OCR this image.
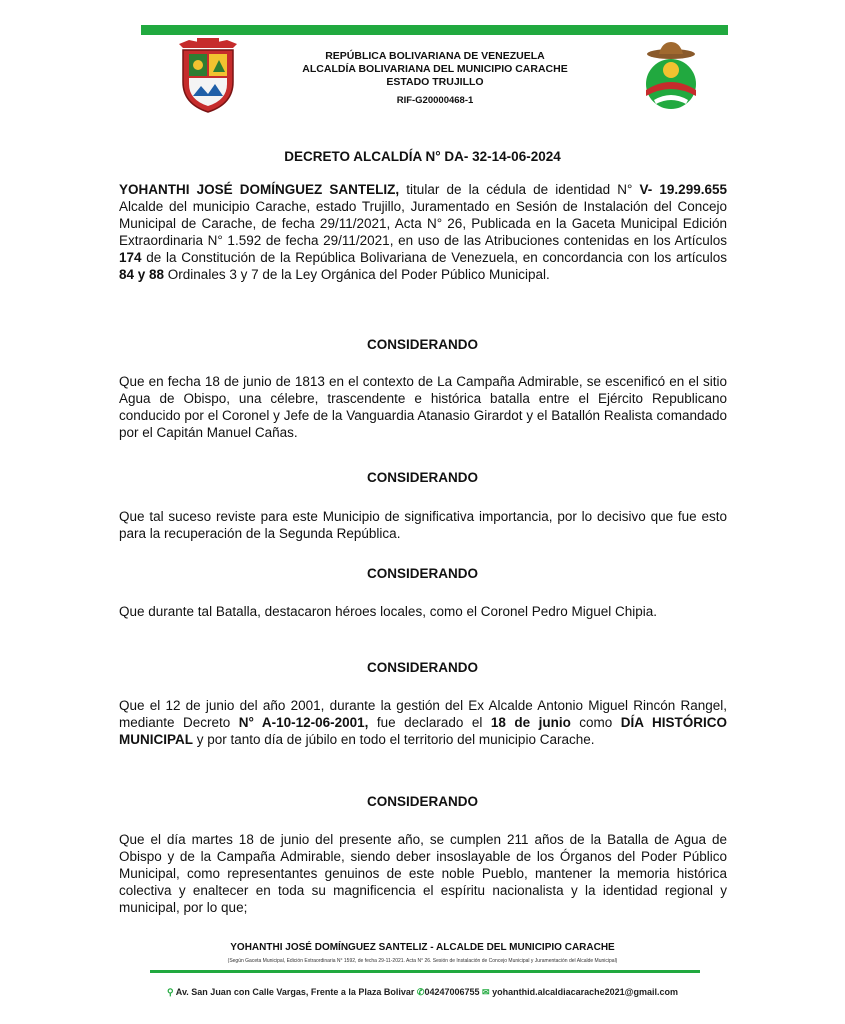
REPÚBLICA BOLIVARIANA DE VENEZUELA
ALCALDÍA BOLIVARIANA DEL MUNICIPIO CARACHE
ESTADO TRUJILLO
RIF-G20000468-1
DECRETO ALCALDÍA N° DA- 32-14-06-2024
YOHANTHI JOSÉ DOMÍNGUEZ SANTELIZ, titular de la cédula de identidad N° V- 19.299.655 Alcalde del municipio Carache, estado Trujillo, Juramentado en Sesión de Instalación del Concejo Municipal de Carache, de fecha 29/11/2021, Acta N° 26, Publicada en la Gaceta Municipal Edición Extraordinaria N° 1.592 de fecha 29/11/2021, en uso de las Atribuciones contenidas en los Artículos 174 de la Constitución de la República Bolivariana de Venezuela, en concordancia con los artículos 84 y 88 Ordinales 3 y 7 de la Ley Orgánica del Poder Público Municipal.
CONSIDERANDO
Que en fecha 18 de junio de 1813 en el contexto de La Campaña Admirable, se escenificó en el sitio Agua de Obispo, una célebre, trascendente e histórica batalla entre el Ejército Republicano conducido por el Coronel y Jefe de la Vanguardia Atanasio Girardot y el Batallón Realista comandado por el Capitán Manuel Cañas.
CONSIDERANDO
Que tal suceso reviste para este Municipio de significativa importancia, por lo decisivo que fue esto para la recuperación de la Segunda República.
CONSIDERANDO
Que durante tal Batalla, destacaron héroes locales, como el Coronel Pedro Miguel Chipia.
CONSIDERANDO
Que el 12 de junio del año 2001, durante la gestión del Ex Alcalde Antonio Miguel Rincón Rangel, mediante Decreto N° A-10-12-06-2001, fue declarado el 18 de junio como DÍA HISTÓRICO MUNICIPAL y por tanto día de júbilo en todo el territorio del municipio Carache.
CONSIDERANDO
Que el día martes 18 de junio del presente año, se cumplen 211 años de la Batalla de Agua de Obispo y de la Campaña Admirable, siendo deber insoslayable de los Órganos del Poder Público Municipal, como representantes genuinos de este noble Pueblo, mantener la memoria histórica colectiva y enaltecer en toda su magnificencia el espíritu nacionalista y la identidad regional y municipal, por lo que;
YOHANTHI JOSÉ DOMÍNGUEZ SANTELIZ - ALCALDE DEL MUNICIPIO CARACHE
(Según Gaceta Municipal, Edición Extraordinaria N° 1592, de fecha 29-11-2021. Acta N° 26. Sesión de Instalación de Concejo Municipal y Juramentación del Alcalde Municipal)
⚲ Av. San Juan con Calle Vargas, Frente a la Plaza Bolivar ✆04247006755 ✉ yohanthid.alcaldiacarache2021@gmail.com
